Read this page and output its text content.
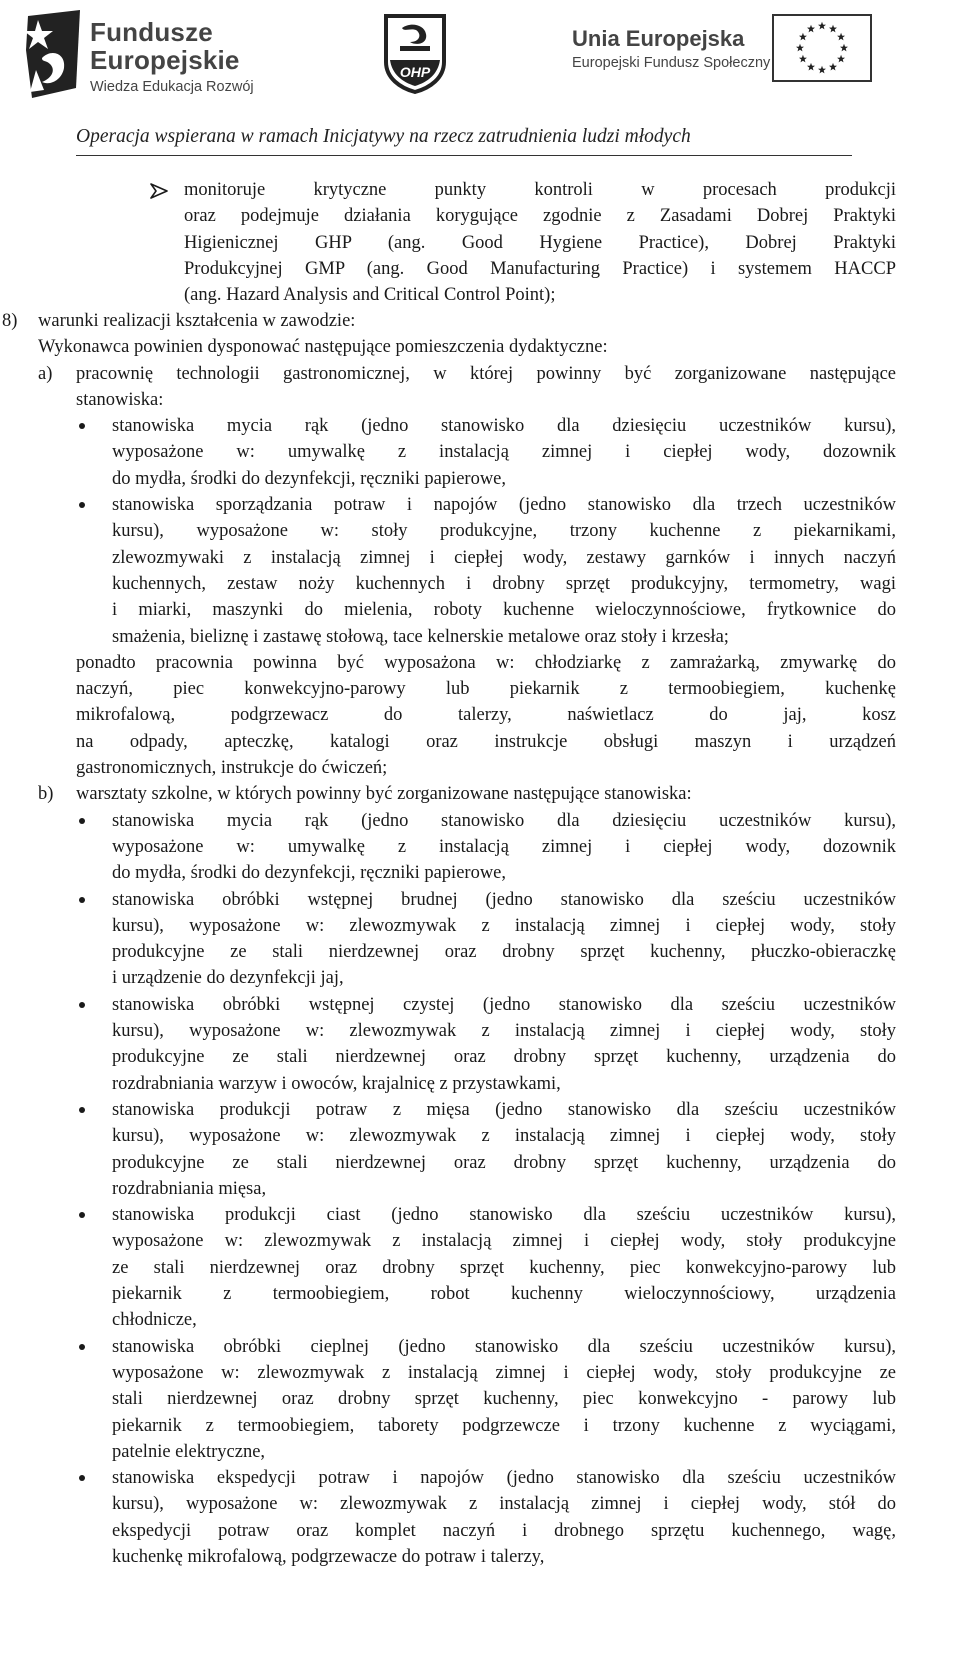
Fundusze
Europejskie
Wiedza Edukacja Rozwój
OHP
Unia Europejska
Europejski Fundusz Społeczny
Operacja wspierana w ramach Inicjatywy na rzecz zatrudnienia ludzi młodych
monitoruje krytyczne punkty kontroli w procesach produkcji
oraz podejmuje działania korygujące zgodnie z Zasadami Dobrej Praktyki
Higienicznej GHP (ang. Good Hygiene Practice), Dobrej Praktyki
Produkcyjnej GMP (ang. Good Manufacturing Practice) i systemem HACCP
(ang. Hazard Analysis and Critical Control Point);
8) warunki realizacji kształcenia w zawodzie:
Wykonawca powinien dysponować następujące pomieszczenia dydaktyczne:
a) pracownię technologii gastronomicznej, w której powinny być zorganizowane następujące
stanowiska:
stanowiska mycia rąk (jedno stanowisko dla dziesięciu uczestników kursu),
wyposażone w: umywalkę z instalacją zimnej i ciepłej wody, dozownik
do mydła, środki do dezynfekcji, ręczniki papierowe,
stanowiska sporządzania potraw i napojów (jedno stanowisko dla trzech uczestników
kursu), wyposażone w: stoły produkcyjne, trzony kuchenne z piekarnikami,
zlewozmywaki z instalacją zimnej i ciepłej wody, zestawy garnków i innych naczyń
kuchennych, zestaw noży kuchennych i drobny sprzęt produkcyjny, termometry, wagi
i miarki, maszynki do mielenia, roboty kuchenne wieloczynnościowe, frytkownice do
smażenia, bieliznę i zastawę stołową, tace kelnerskie metalowe oraz stoły i krzesła;
ponadto pracownia powinna być wyposażona w: chłodziarkę z zamrażarką, zmywarkę do
naczyń, piec konwekcyjno-parowy lub piekarnik z termoobiegiem, kuchenkę
mikrofalową, podgrzewacz do talerzy, naświetlacz do jaj, kosz
na odpady, apteczkę, katalogi oraz instrukcje obsługi maszyn i urządzeń
gastronomicznych, instrukcje do ćwiczeń;
b) warsztaty szkolne, w których powinny być zorganizowane następujące stanowiska:
stanowiska mycia rąk (jedno stanowisko dla dziesięciu uczestników kursu),
wyposażone w: umywalkę z instalacją zimnej i ciepłej wody, dozownik
do mydła, środki do dezynfekcji, ręczniki papierowe,
stanowiska obróbki wstępnej brudnej (jedno stanowisko dla sześciu uczestników
kursu), wyposażone w: zlewozmywak z instalacją zimnej i ciepłej wody, stoły
produkcyjne ze stali nierdzewnej oraz drobny sprzęt kuchenny, płuczko-obieraczkę
i urządzenie do dezynfekcji jaj,
stanowiska obróbki wstępnej czystej (jedno stanowisko dla sześciu uczestników
kursu), wyposażone w: zlewozmywak z instalacją zimnej i ciepłej wody, stoły
produkcyjne ze stali nierdzewnej oraz drobny sprzęt kuchenny, urządzenia do
rozdrabniania warzyw i owoców, krajalnicę z przystawkami,
stanowiska produkcji potraw z mięsa (jedno stanowisko dla sześciu uczestników
kursu), wyposażone w: zlewozmywak z instalacją zimnej i ciepłej wody, stoły
produkcyjne ze stali nierdzewnej oraz drobny sprzęt kuchenny, urządzenia do
rozdrabniania mięsa,
stanowiska produkcji ciast (jedno stanowisko dla sześciu uczestników kursu),
wyposażone w: zlewozmywak z instalacją zimnej i ciepłej wody, stoły produkcyjne
ze stali nierdzewnej oraz drobny sprzęt kuchenny, piec konwekcyjno-parowy lub
piekarnik z termoobiegiem, robot kuchenny wieloczynnościowy, urządzenia
chłodnicze,
stanowiska obróbki cieplnej (jedno stanowisko dla sześciu uczestników kursu),
wyposażone w: zlewozmywak z instalacją zimnej i ciepłej wody, stoły produkcyjne ze
stali nierdzewnej oraz drobny sprzęt kuchenny, piec konwekcyjno - parowy lub
piekarnik z termoobiegiem, taborety podgrzewcze i trzony kuchenne z wyciągami,
patelnie elektryczne,
stanowiska ekspedycji potraw i napojów (jedno stanowisko dla sześciu uczestników
kursu), wyposażone w: zlewozmywak z instalacją zimnej i ciepłej wody, stół do
ekspedycji potraw oraz komplet naczyń i drobnego sprzętu kuchennego, wagę,
kuchenkę mikrofalową, podgrzewacze do potraw i talerzy,
